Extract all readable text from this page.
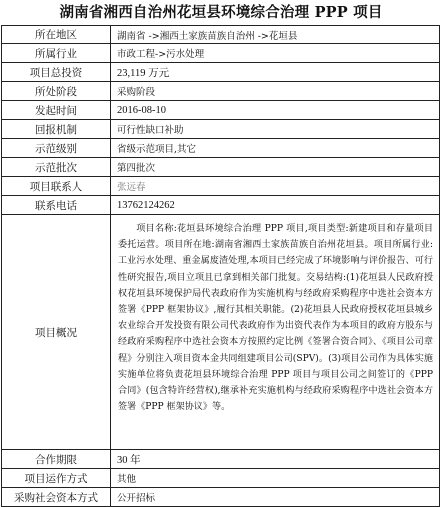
湖南省湘西自治州花垣县环境综合治理 PPP 项目
所在地区	湖南省 ->湘西土家族苗族自治州 ->花垣县
所属行业	市政工程->污水处理
项目总投资	23,119 万元
所处阶段	采购阶段
发起时间	2016-08-10
回报机制	可行性缺口补助
示范级别	省级示范项目,其它
示范批次	第四批次
项目联系人	张远春
联系电话	13762124262
项目概况	项目名称:花垣县环境综合治理 PPP 项目,项目类型:新建项目和存量项目委托运营。项目所在地:湖南省湘西土家族苗族自治州花垣县。项目所属行业:工业污水处理、重金属废渣处理,本项目已经完成了环境影响与评价报告、可行性研究报告,项目立项且已拿到相关部门批复。交易结构:(1)花垣县人民政府授权花垣县环境保护局代表政府作为实施机构与经政府采购程序中选社会资本方签署《PPP 框架协议》,履行其相关职能。(2)花垣县人民政府授权花垣县城乡农业综合开发投资有限公司代表政府作为出资代表作为本项目的政府方股东与经政府采购程序中选社会资本方按照约定比例《签署合资合同》、《项目公司章程》分别注入项目资本金共同组建项目公司(SPV)。(3)项目公司作为具体实施实施单位将负责花垣县环境综合治理 PPP 项目与项目公司之间签订的《PPP 合同》(包含特许经营权),继承补充实施机构与经政府采购程序中选社会资本方签署《PPP 框架协议》等。
合作期限	30 年
项目运作方式	其他
采购社会资本方式	公开招标
